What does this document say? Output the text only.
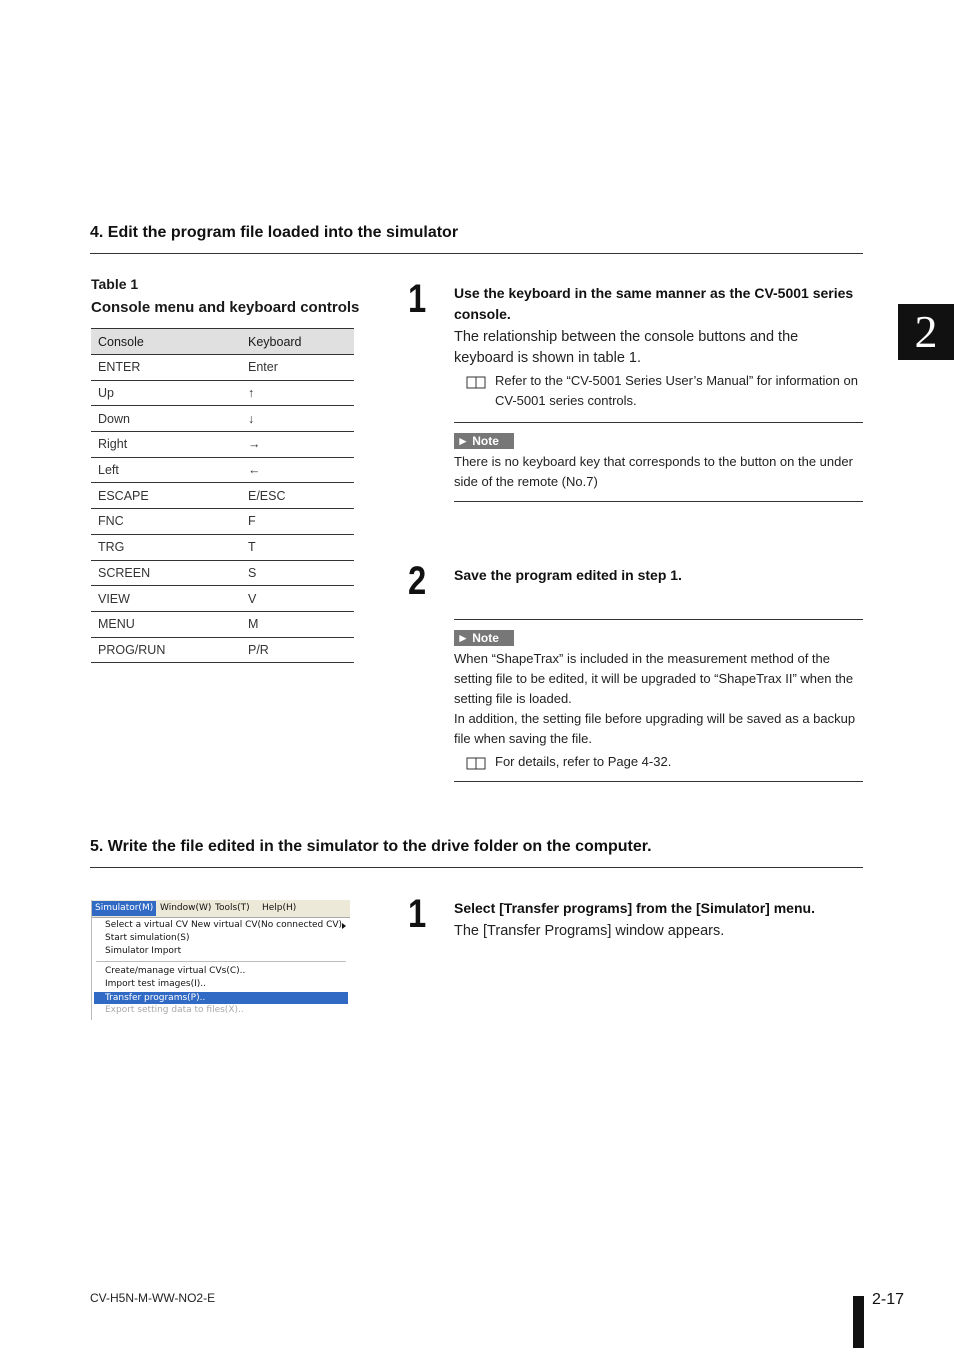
4. Edit the program file loaded into the simulator
Table 1
Console menu and keyboard controls
Console	Keyboard
ENTER	Enter
Up	↑
Down	↓
Right	→
Left	←
ESCAPE	E/ESC
FNC	F
TRG	T
SCREEN	S
VIEW	V
MENU	M
PROG/RUN	P/R
1 Use the keyboard in the same manner as the CV-5001 series console.
The relationship between the console buttons and the keyboard is shown in table 1.
Refer to the “CV-5001 Series User’s Manual” for information on CV-5001 series controls.
► Note
There is no keyboard key that corresponds to the button on the under side of the remote (No.7)
2 Save the program edited in step 1.
► Note
When “ShapeTrax” is included in the measurement method of the setting file to be edited, it will be upgraded to “ShapeTrax II” when the setting file is loaded.
In addition, the setting file before upgrading will be saved as a backup file when saving the file.
For details, refer to Page 4-32.
5. Write the file edited in the simulator to the drive folder on the computer.
Simulator(M) Window(W) Tools(T) Help(H)
Select a virtual CV New virtual CV(No connected CV)
Start simulation(S)
Simulator Import
Create/manage virtual CVs(C)..
Import test images(I)..
Transfer programs(P)..
Export setting data to files(X)..
1 Select [Transfer programs] from the [Simulator] menu.
The [Transfer Programs] window appears.
2
CV-H5N-M-WW-NO2-E	2-17
